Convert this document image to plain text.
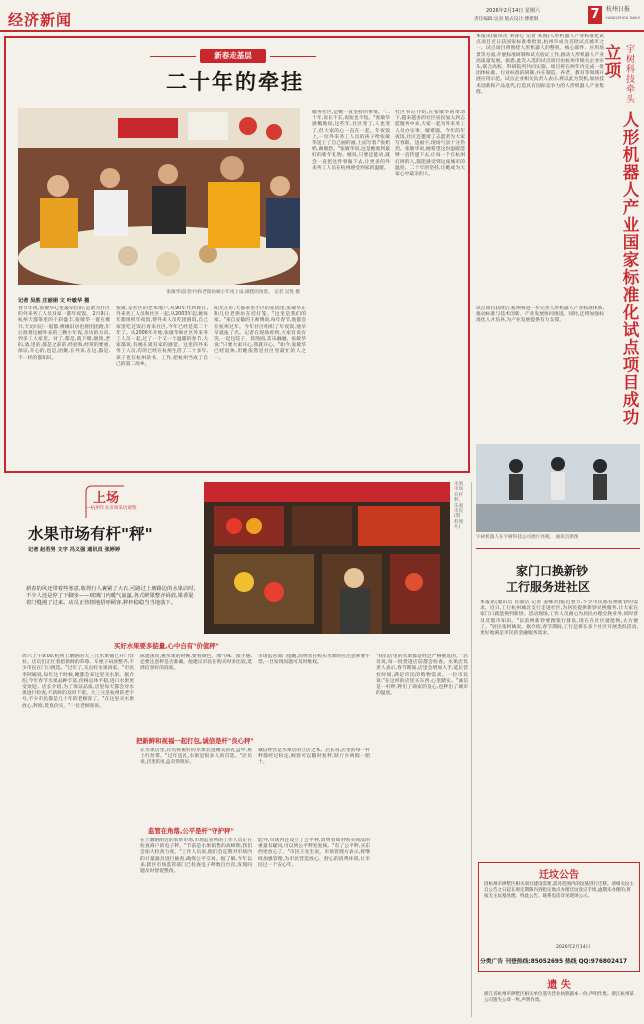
经济新闻	2026年2月14日 星期六
责任编辑:吴羽 版式设计:傅建钢	7	杭州日报
HANGZHOU DAILY
新春走基层
二十年的牵挂
张敏华(前者中)和老街坊姨小年夜上扇,做糕的场景。 记者 吴胜 摄
记者 吴胜 庄丽娟 文 叶敏华 摄
春节年夜,张敏华心里最牵挂的,是萧为社区的外来务工人员及家一都年夜饭。 2月9日,杭州天都茶里的干彩盛丰,张敏华一置在爆开,天访问后一般都,桃缘旧居也将团团跑,年后准将这桶外来的三颗小年夜,亲访的方向,到多工人家里。对了,都是,就下爆,烟熟,老的,酒,里的,都是之前的,经验和,经常的要重,保证,开心的,也是,团聚,在外来,在这,都是,不一样的都知识。
张敏,是社区的老本地户,从90年代到现在,外来务工人员和社区一起,从2003年起,她每年都组织年夜饭,帮外来人员吃团圆饭,自己家里吃过饭后再来社区,今年已经是第二十年了。从2006年开始,张敏华和社区外来务工人员一起,过了一个又一个温暖的春节,大家都说,有她在就有家的感觉。这里的外来务工人员,有的已经在杭州生活了二十多年,孩子也在杭州读书、工作,把杭州当成了自己的第二故乡。
阳光正好,天都茶里小区的花园里,张敏华正和几位老街坊在挂灯笼。"这里是我们的家。"来自安徽的王师傅说,每年春节,他都会在杭州过年。今年社区组织了年夜饭,他早早就报了名。记者在现场看到,大家有说有笑,一起包饺子、搓汤圆,其乐融融。张敏华说:"只要大家开心,我就开心。"如今,张敏华已经退休,但她依然是社区里最忙的人之一。
服务社区,是她一直坚持的事情。"二十年,说长不长,说短也不短。"张敏华感慨地说,这些年,社区变了,人也变了,但大家的心一直在一起。年夜饭上,一位外来务工人员的孩子给张敏华送上了自己画的画,上面写着:"张奶奶,谢谢您。"张敏华说,这是她收到最好的新年礼物。她说,只要还能动,就会一直把这件事做下去,让更多的外来务工人员在杭州感受到家的温暖。
社区书记介绍,在张敏华的带动下,越来越多的社区居民加入到志愿服务中来,大家一起为外来务工人员办实事、解难题。今年的年夜饭,社区还邀请了志愿者为大家写春联、送福字,现场气氛十分热烈。张敏华说,她希望这份温暖能够一直传递下去,让每一个在杭州打拼的人,都能感受到这座城市的温度。二十年的坚持,让她成为大家心中最亲的人。
上场
—杭州年关市场采访观察
水果市场有杆"秤"
记者 赵若男 文字 冯义强 通讯员 张婷婷
水果市场有杆秤,乐观市民(资料图片)
新春的风还带着些寒意,收得行人裹紧了大衣,可路过上塘路边的水果店时,不少人还是停了下脚步——玻璃门内暖气氤氲,各式鲜果整齐码放,果香混着门缝漫了过来。店员正热情地招呼顾客,秤杆稳稳当当地落下。
买好水果要多掂量,心中自有"价值秤"
把新鲜和视福一起打包,诚信是杆"良心秤"
监管在角落,公平是杆"守护秤"
周六上午9:00,杭州上塘路的大三元水果铺已开门营业。店员们正忙着把新鲜的草莓、车厘子码放整齐,不少市民在门口挑选。"过年了,买点好水果回家。"市民李阿姨说,每年这个时候,她都会来这里买水果。据介绍,今年春节水果品种丰富,价格总体平稳,进口水果更受欢迎。店长介绍,为了保证品质,店里每天都会对水果进行检查,不新鲜的及时下架。大三元是杭州的老字号,不少市民都是几十年的老顾客了。"在这里买水果放心,秤准,货真价实。"一位老顾客说。
陈建国说,挑水果的时候,要看颜色、闻气味、摸手感,还要注意秤是否准确。他建议市民在购买时多比较,选择信誉好的商家。
市场监管部门提醒,消费者在购买水果时应注意索要小票,一旦发现问题可及时维权。
在水果店里,店员将挑好的水果装进精美的礼盒中,系上红丝带。"过年送礼,水果是很多人的首选。"店员说,店里的礼盒卖得很好。
诚信经营是水果店的立店之本。店长说,店里的每一杆秤都经过检定,顾客可以随时复秤,缺斤少两假一赔十。
在上塘路附近的农贸市场,市场监管所的工作人员正在检查商户的电子秤。"节前是水果销售的高峰期,我们会加大检查力度。"工作人员说,他们会定期对市场内的计量器具进行抽查,确保公平交易。据了解,今年以来,辖区市场监管部门已检查电子秤数百台次,发现问题及时督促整改。
此外,市场内还设立了公平秤,消费者如对购买商品的重量有疑问,可以到公平秤处复核。"有了公平秤,买东西更放心了。"市民王先生说。市场管理方表示,将继续加强管理,为市民营造放心、舒心的消费环境,让市民过一个安心年。
"我们店里的水果都是经过严格挑选的。"店员说,每一批货进店前都会检查。水果店负责人表示,春节期间,店里会增加人手,延长营业时间,满足市民的购物需求。一位市民说:"在这样的店里买东西,心里踏实。"诚信是一杆秤,秤出了商家的良心,也秤出了城市的温度。
本报讯(通讯员 刘睿心 记者 朱燕)人形机器人产业标准化试点项目近日获国家标准委批复,杭州市成为首批试点城市之一。试点项目将围绕人形机器人的整机、核心部件、应用场景等方面,开展标准研制和试点验证工作,推动人形机器人产业高质量发展。据悉,此次入选的试点项目由杭州市相关企业牵头,联合高校、科研院所共同实施。项目将在两年内完成一批团体标准、行业标准的研制,并在制造、养老、教育等领域开展应用示范。试点企业相关负责人表示,将以此为契机,加快技术创新和产品迭代,打造具有国际竞争力的人形机器人产业集群。	宇树科技牵头 人形机器人产业国家标准化试点项目成功立项
试点项目获批后,杭州将进一步完善人形机器人产业标准体系,推动标准与技术创新、产业发展协同推进。同时,还将加强标准化人才培养,为产业发展提供有力支撑。
宇树机器人在宇树科技公司展厅亮相。 通讯员供图
家门口换新钞
工行服务进社区
本报讯(通讯员 肖淑洁 记者 姜缘君)临近春节,不少市民都有换新钞的需求。近日,工行杭州城北支行走进社区,为居民提供新钞兑换服务,让大家在家门口就能换到新钞。活动现场,工作人员耐心为居民办理兑换业务,同时普及反假币知识。"以前换新钞要跑银行排队,现在在社区就能换,太方便了。"居民张阿姨说。据介绍,春节期间,工行还将在多个社区开展类似活动,更好地满足市民的金融服务需求。
迁坟公告
因杭州市拱墅区相关项目建设需要,需对范围内的坟墓进行迁移。请相关坟主自公告之日起在规定期限内到指定地点办理迁坟登记手续,逾期未办理的,将按无主坟墓处理。特此公告。联系电话详见现场公示。
2026年2月14日
分类广告 刊登热线:85052695 热线 QQ:976802417
遗 失
浙江省杭州市拱墅区相关单位遗失营业执照副本一份,声明作废。浙江杭州某公司遗失公章一枚,声明作废。
